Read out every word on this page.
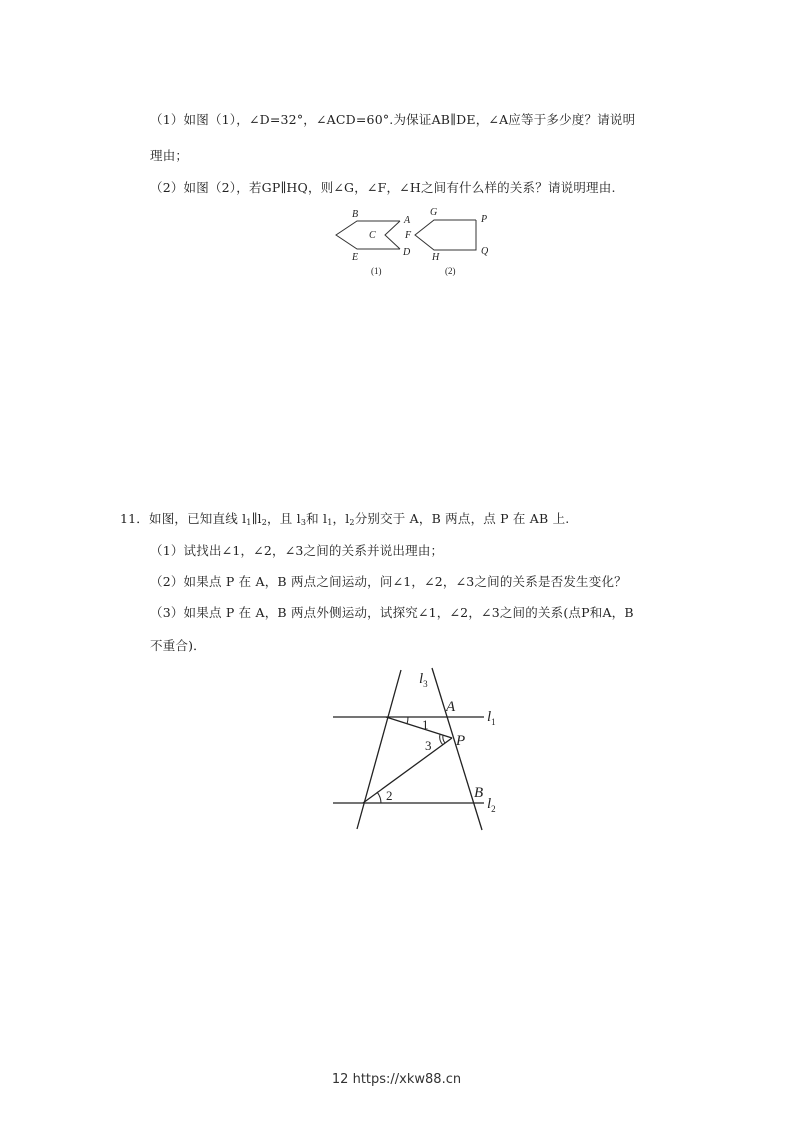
（1）如图（1），∠D=32°，∠ACD=60°.为保证AB∥DE，∠A应等于多少度？请说明
理由；
（2）如图（2），若GP∥HQ，则∠G，∠F，∠H之间有什么样的关系？请说明理由.
B
A
C
E	D
(1)
G
P
F
H
Q
(2)
11．如图，已知直线 $l_1\parallel l_2$，且 $l_3$和 $l_1$，$l_2$分别交于 A，B 两点，点 P 在 AB 上.
（1）试找出∠1，∠2，∠3之间的关系并说出理由；
（2）如果点 P 在 A，B 两点之间运动，问∠1，∠2，∠3之间的关系是否发生变化？
（3）如果点 P 在 A，B 两点外侧运动，试探究∠1，∠2，∠3之间的关系(点P和A，B
不重合)．
$l_3$
A
$l_1$
1
P
3
2	B
$l_2$
12 https://xkw88.cn
